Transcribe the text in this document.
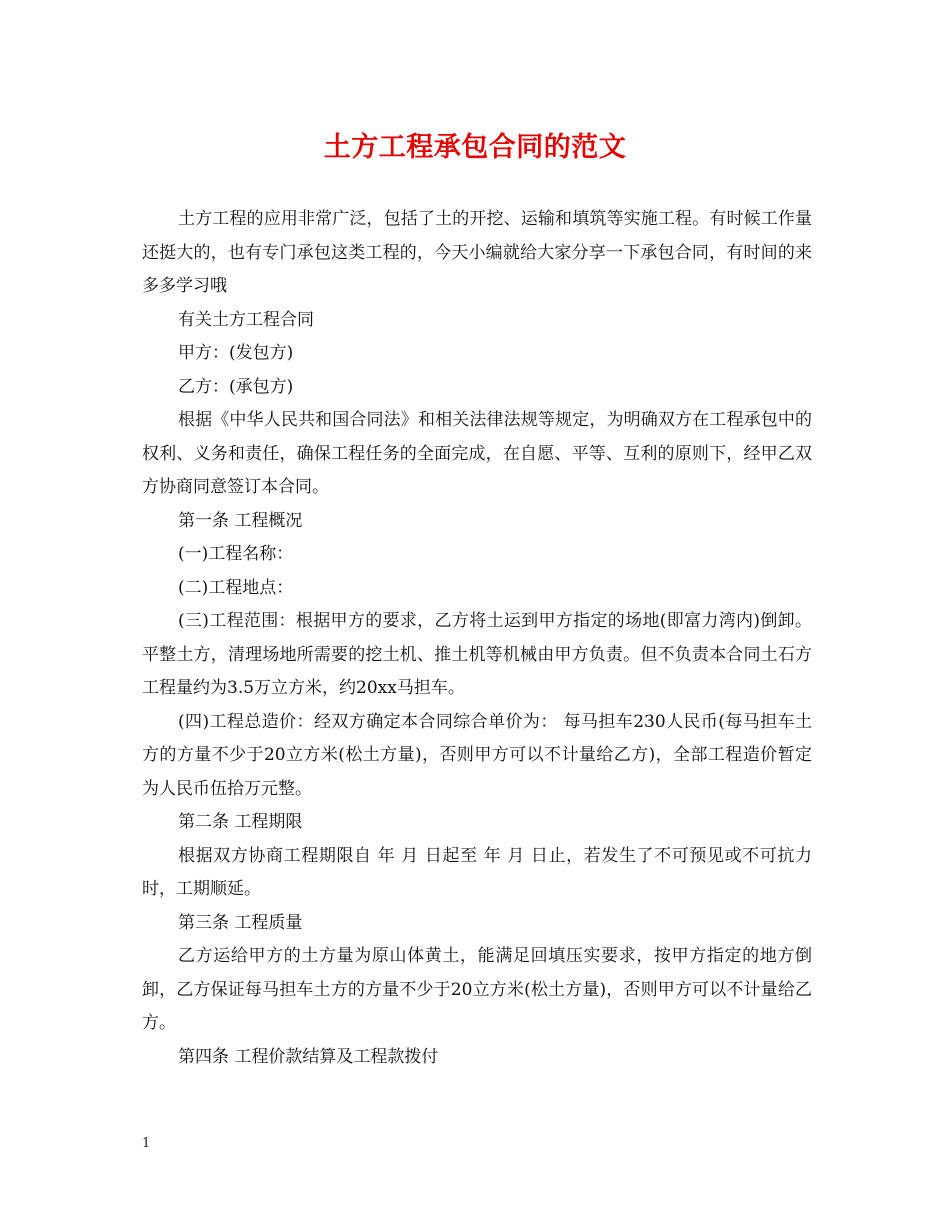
土方工程承包合同的范文

土方工程的应用非常广泛，包括了土的开挖、运输和填筑等实施工程。有时候工作量还挺大的，也有专门承包这类工程的，今天小编就给大家分享一下承包合同，有时间的来多多学习哦

有关土方工程合同

甲方：(发包方)

乙方：(承包方)

根据《中华人民共和国合同法》和相关法律法规等规定，为明确双方在工程承包中的权利、义务和责任，确保工程任务的全面完成，在自愿、平等、互利的原则下，经甲乙双方协商同意签订本合同。

第一条 工程概况

(一)工程名称：

(二)工程地点：

(三)工程范围：根据甲方的要求，乙方将土运到甲方指定的场地(即富力湾内)倒卸。平整土方，清理场地所需要的挖土机、推土机等机械由甲方负责。但不负责本合同土石方工程量约为3.5万立方米，约20xx马担车。

(四)工程总造价：经双方确定本合同综合单价为： 每马担车230人民币(每马担车土方的方量不少于20立方米(松土方量)，否则甲方可以不计量给乙方)，全部工程造价暂定为人民币伍拾万元整。

第二条 工程期限

根据双方协商工程期限自 年 月 日起至 年 月 日止，若发生了不可预见或不可抗力时，工期顺延。

第三条 工程质量

乙方运给甲方的土方量为原山体黄土，能满足回填压实要求，按甲方指定的地方倒卸，乙方保证每马担车土方的方量不少于20立方米(松土方量)，否则甲方可以不计量给乙方。

第四条 工程价款结算及工程款拨付

1
